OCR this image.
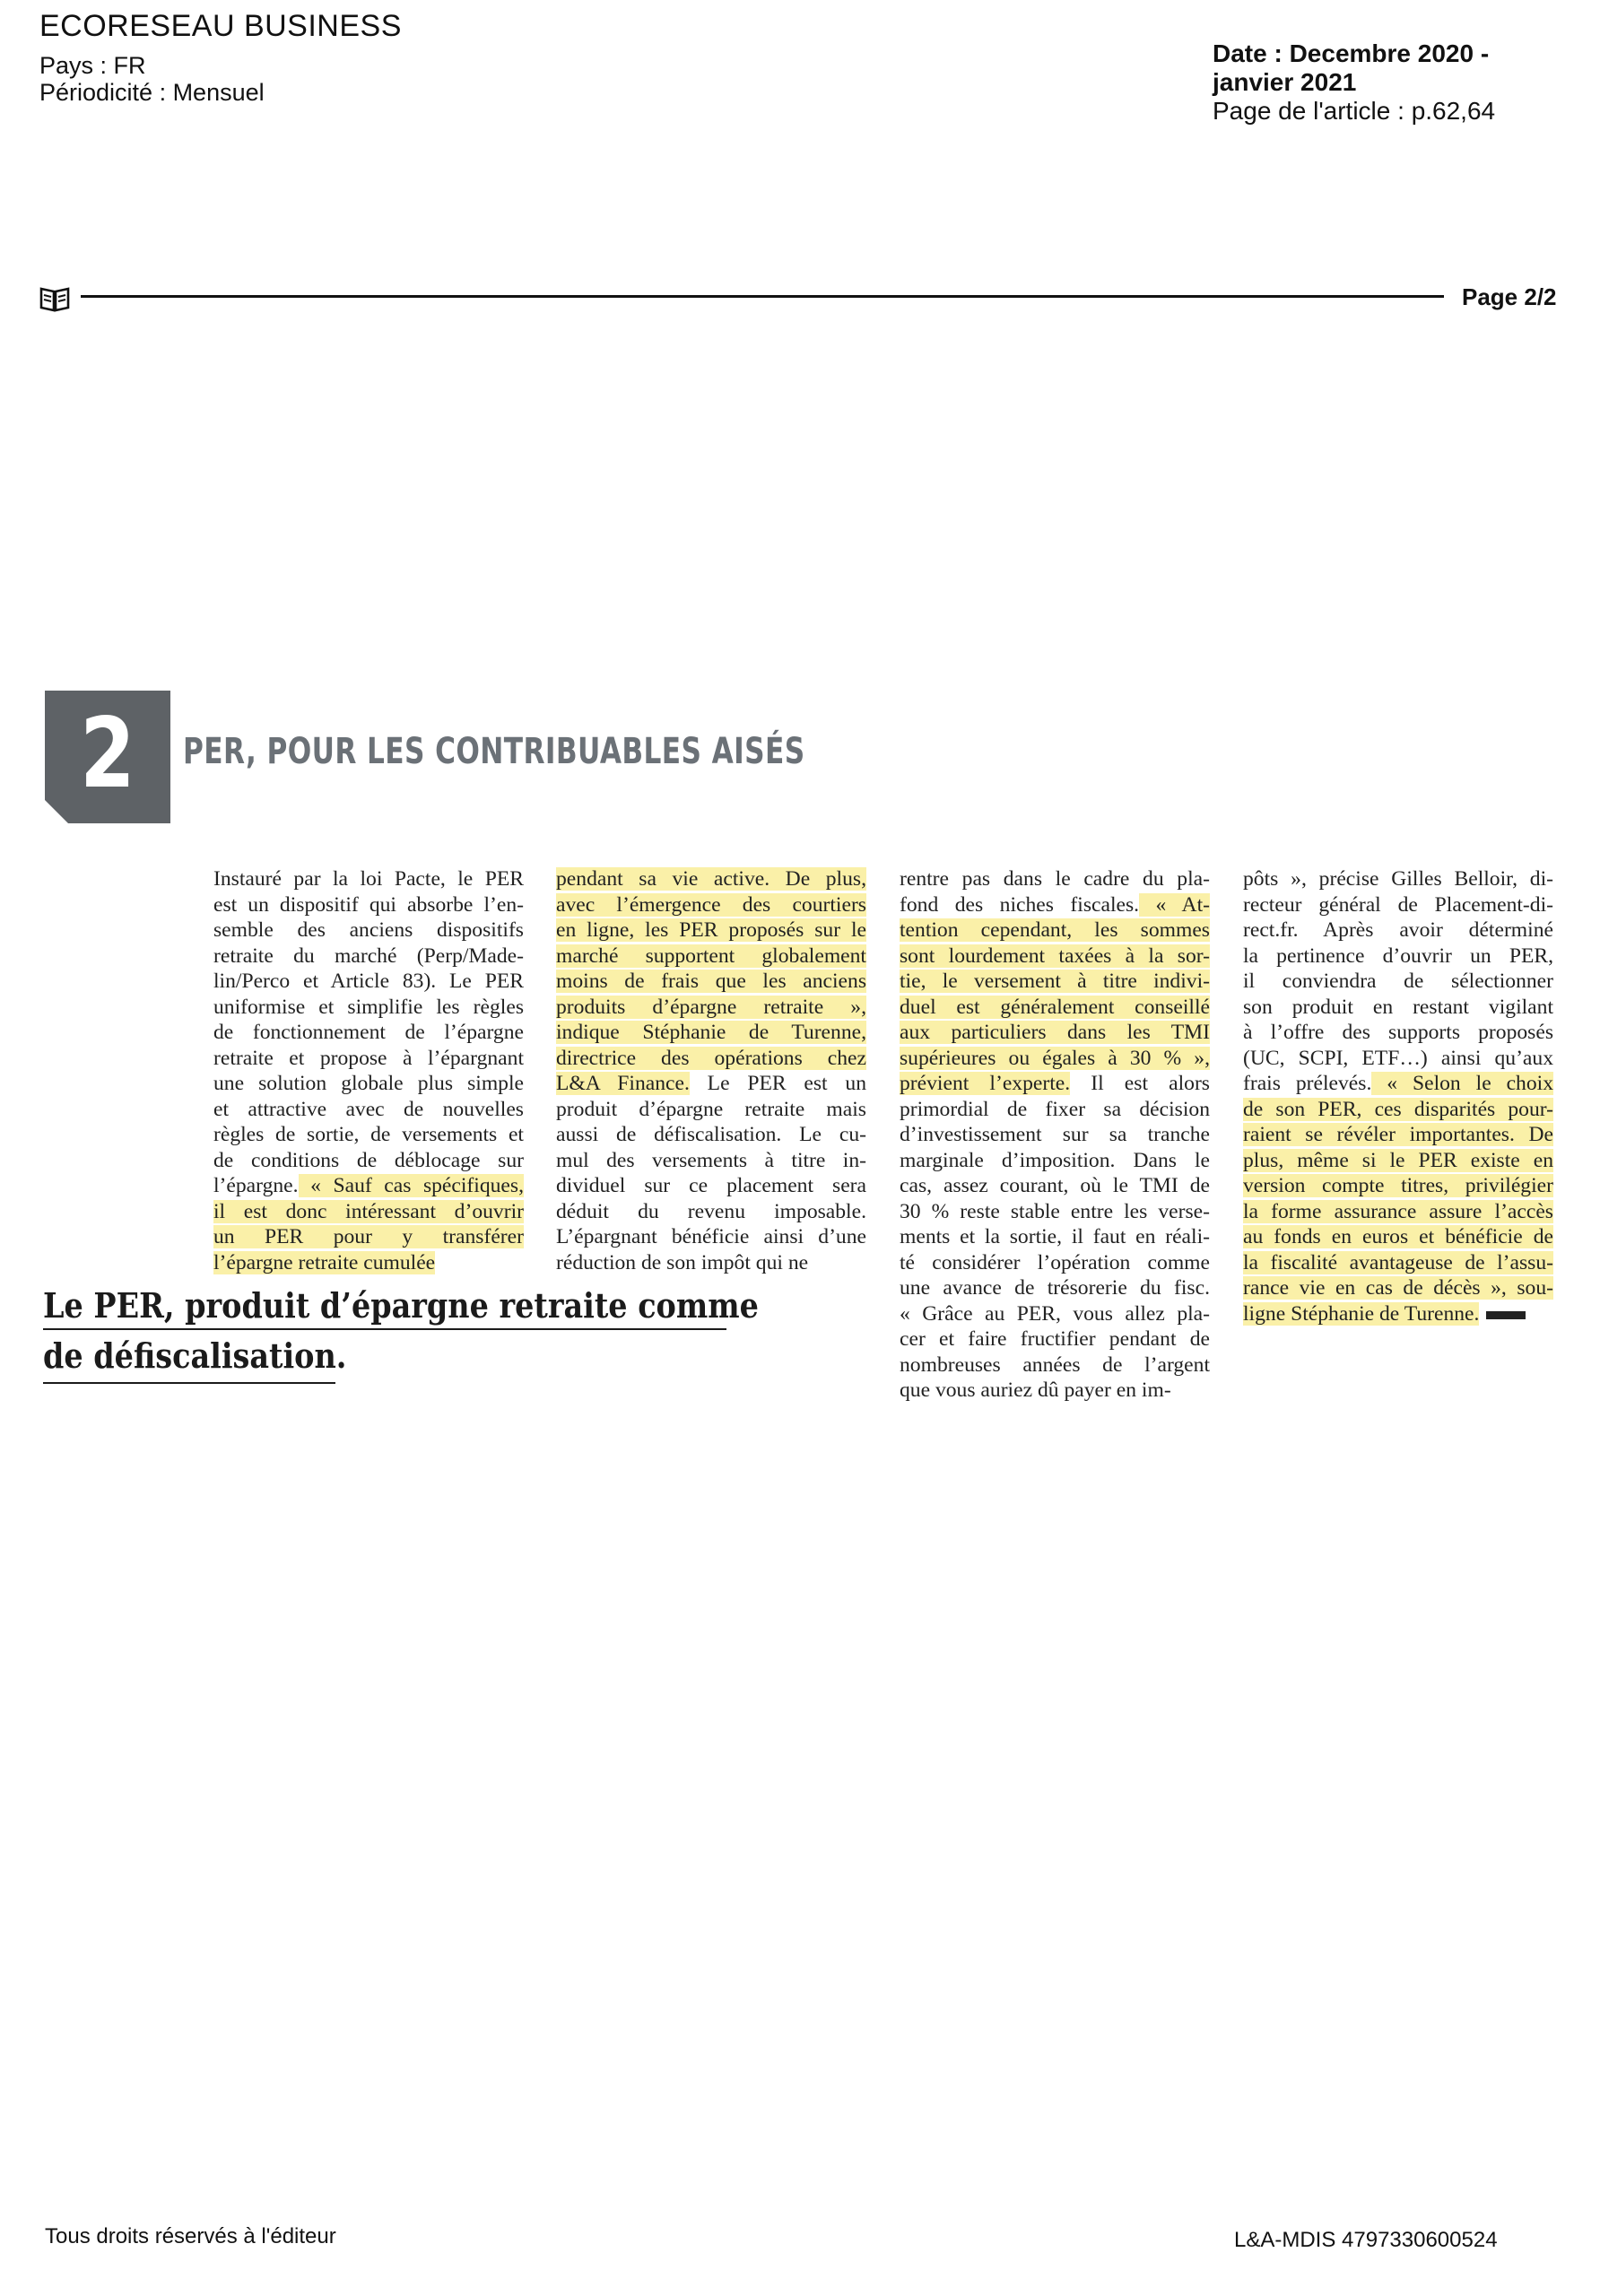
ECORESEAU BUSINESS
Pays : FR
Périodicité : Mensuel
Date : Decembre 2020 -
janvier 2021
Page de l'article : p.62,64
Page 2/2
2	PER, POUR LES CONTRIBUABLES AISÉS
Instauré par la loi Pacte, le PER
est un dispositif qui absorbe l’en-
semble des anciens dispositifs
retraite du marché (Perp/Made-
lin/Perco et Article 83). Le PER
uniformise et simplifie les règles
de fonctionnement de l’épargne
retraite et propose à l’épargnant
une solution globale plus simple
et attractive avec de nouvelles
règles de sortie, de versements et
de conditions de déblocage sur
l’épargne. « Sauf cas spécifiques,
il est donc intéressant d’ouvrir
un PER pour y transférer
l’épargne retraite cumulée
pendant sa vie active. De plus,
avec l’émergence des courtiers
en ligne, les PER proposés sur le
marché supportent globalement
moins de frais que les anciens
produits d’épargne retraite »,
indique Stéphanie de Turenne,
directrice des opérations chez
L&A Finance. Le PER est un
produit d’épargne retraite mais
aussi de défiscalisation. Le cu-
mul des versements à titre in-
dividuel sur ce placement sera
déduit du revenu imposable.
L’épargnant bénéficie ainsi d’une
réduction de son impôt qui ne
rentre pas dans le cadre du pla-
fond des niches fiscales. « At-
tention cependant, les sommes
sont lourdement taxées à la sor-
tie, le versement à titre indivi-
duel est généralement conseillé
aux particuliers dans les TMI
supérieures ou égales à 30 % »,
prévient l’experte. Il est alors
primordial de fixer sa décision
d’investissement sur sa tranche
marginale d’imposition. Dans le
cas, assez courant, où le TMI de
30 % reste stable entre les verse-
ments et la sortie, il faut en réali-
té considérer l’opération comme
une avance de trésorerie du fisc.
« Grâce au PER, vous allez pla-
cer et faire fructifier pendant de
nombreuses années de l’argent
que vous auriez dû payer en im-
pôts », précise Gilles Belloir, di-
recteur général de Placement-di-
rect.fr. Après avoir déterminé
la pertinence d’ouvrir un PER,
il conviendra de sélectionner
son produit en restant vigilant
à l’offre des supports proposés
(UC, SCPI, ETF…) ainsi qu’aux
frais prélevés. « Selon le choix
de son PER, ces disparités pour-
raient se révéler importantes. De
plus, même si le PER existe en
version compte titres, privilégier
la forme assurance assure l’accès
au fonds en euros et bénéficie de
la fiscalité avantageuse de l’assu-
rance vie en cas de décès », sou-
ligne Stéphanie de Turenne.
Le PER, produit d’épargne retraite comme
de défiscalisation.
Tous droits réservés à l'éditeur	L&A-MDIS 4797330600524
